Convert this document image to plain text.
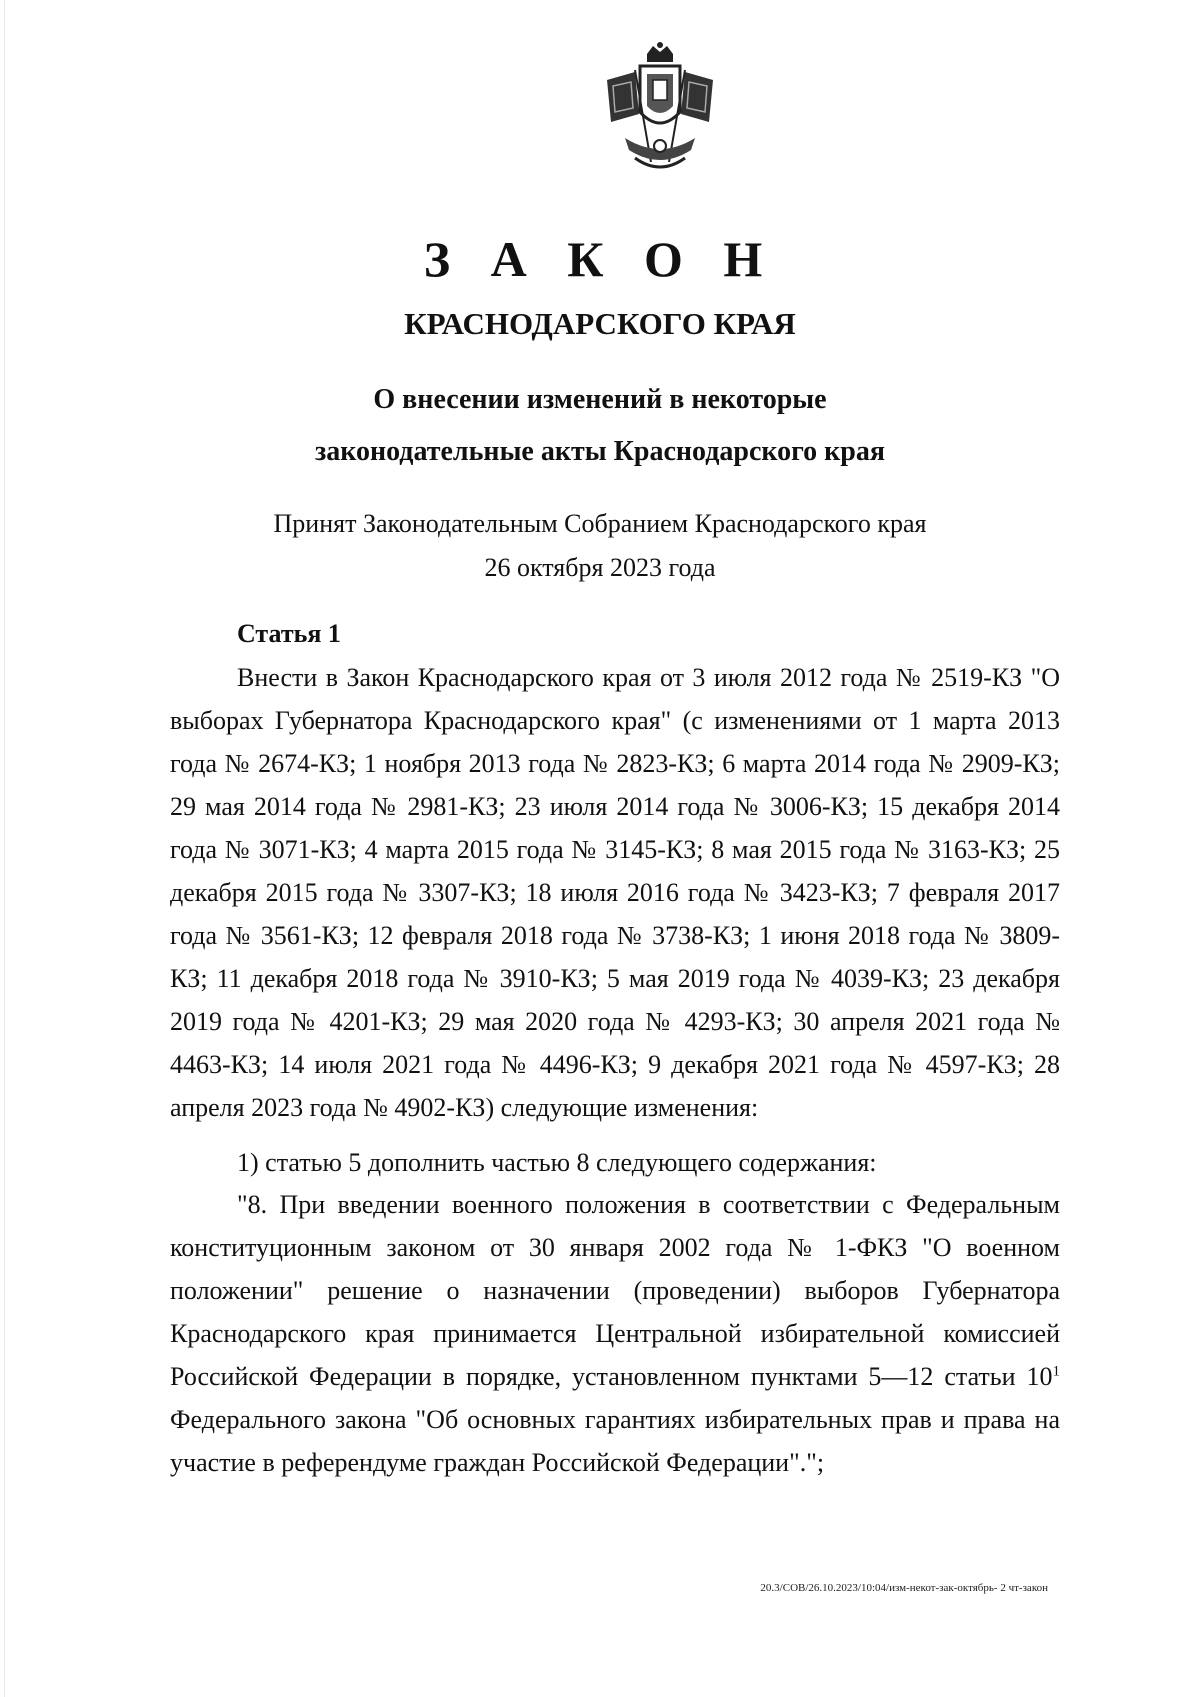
З А К О Н
КРАСНОДАРСКОГО КРАЯ
О внесении изменений в некоторые
законодательные акты Краснодарского края
Принят Законодательным Собранием Краснодарского края
26 октября 2023 года
Статья 1

Внести в Закон Краснодарского края от 3 июля 2012 года № 2519-КЗ "О выборах Губернатора Краснодарского края" (с изменениями от 1 марта 2013 года № 2674-КЗ; 1 ноября 2013 года № 2823-КЗ; 6 марта 2014 года № 2909-КЗ; 29 мая 2014 года № 2981-КЗ; 23 июля 2014 года № 3006-КЗ; 15 декабря 2014 года № 3071-КЗ; 4 марта 2015 года № 3145-КЗ; 8 мая 2015 года № 3163-КЗ; 25 декабря 2015 года № 3307-КЗ; 18 июля 2016 года № 3423-КЗ; 7 февраля 2017 года № 3561-КЗ; 12 февраля 2018 года № 3738-КЗ; 1 июня 2018 года № 3809-КЗ; 11 декабря 2018 года № 3910-КЗ; 5 мая 2019 года № 4039-КЗ; 23 декабря 2019 года № 4201-КЗ; 29 мая 2020 года № 4293-КЗ; 30 апреля 2021 года № 4463-КЗ; 14 июля 2021 года № 4496-КЗ; 9 декабря 2021 года № 4597-КЗ; 28 апреля 2023 года № 4902-КЗ) следующие изменения:

1) статью 5 дополнить частью 8 следующего содержания:

"8. При введении военного положения в соответствии с Федеральным конституционным законом от 30 января 2002 года № 1-ФКЗ "О военном положении" решение о назначении (проведении) выборов Губернатора Краснодарского края принимается Центральной избирательной комиссией Российской Федерации в порядке, установленном пунктами 5—12 статьи $10^1$ Федерального закона "Об основных гарантиях избирательных прав и права на участие в референдуме граждан Российской Федерации".";

20.3/СОВ/26.10.2023/10:04/изм-некот-зак-октябрь- 2 чт-закон
